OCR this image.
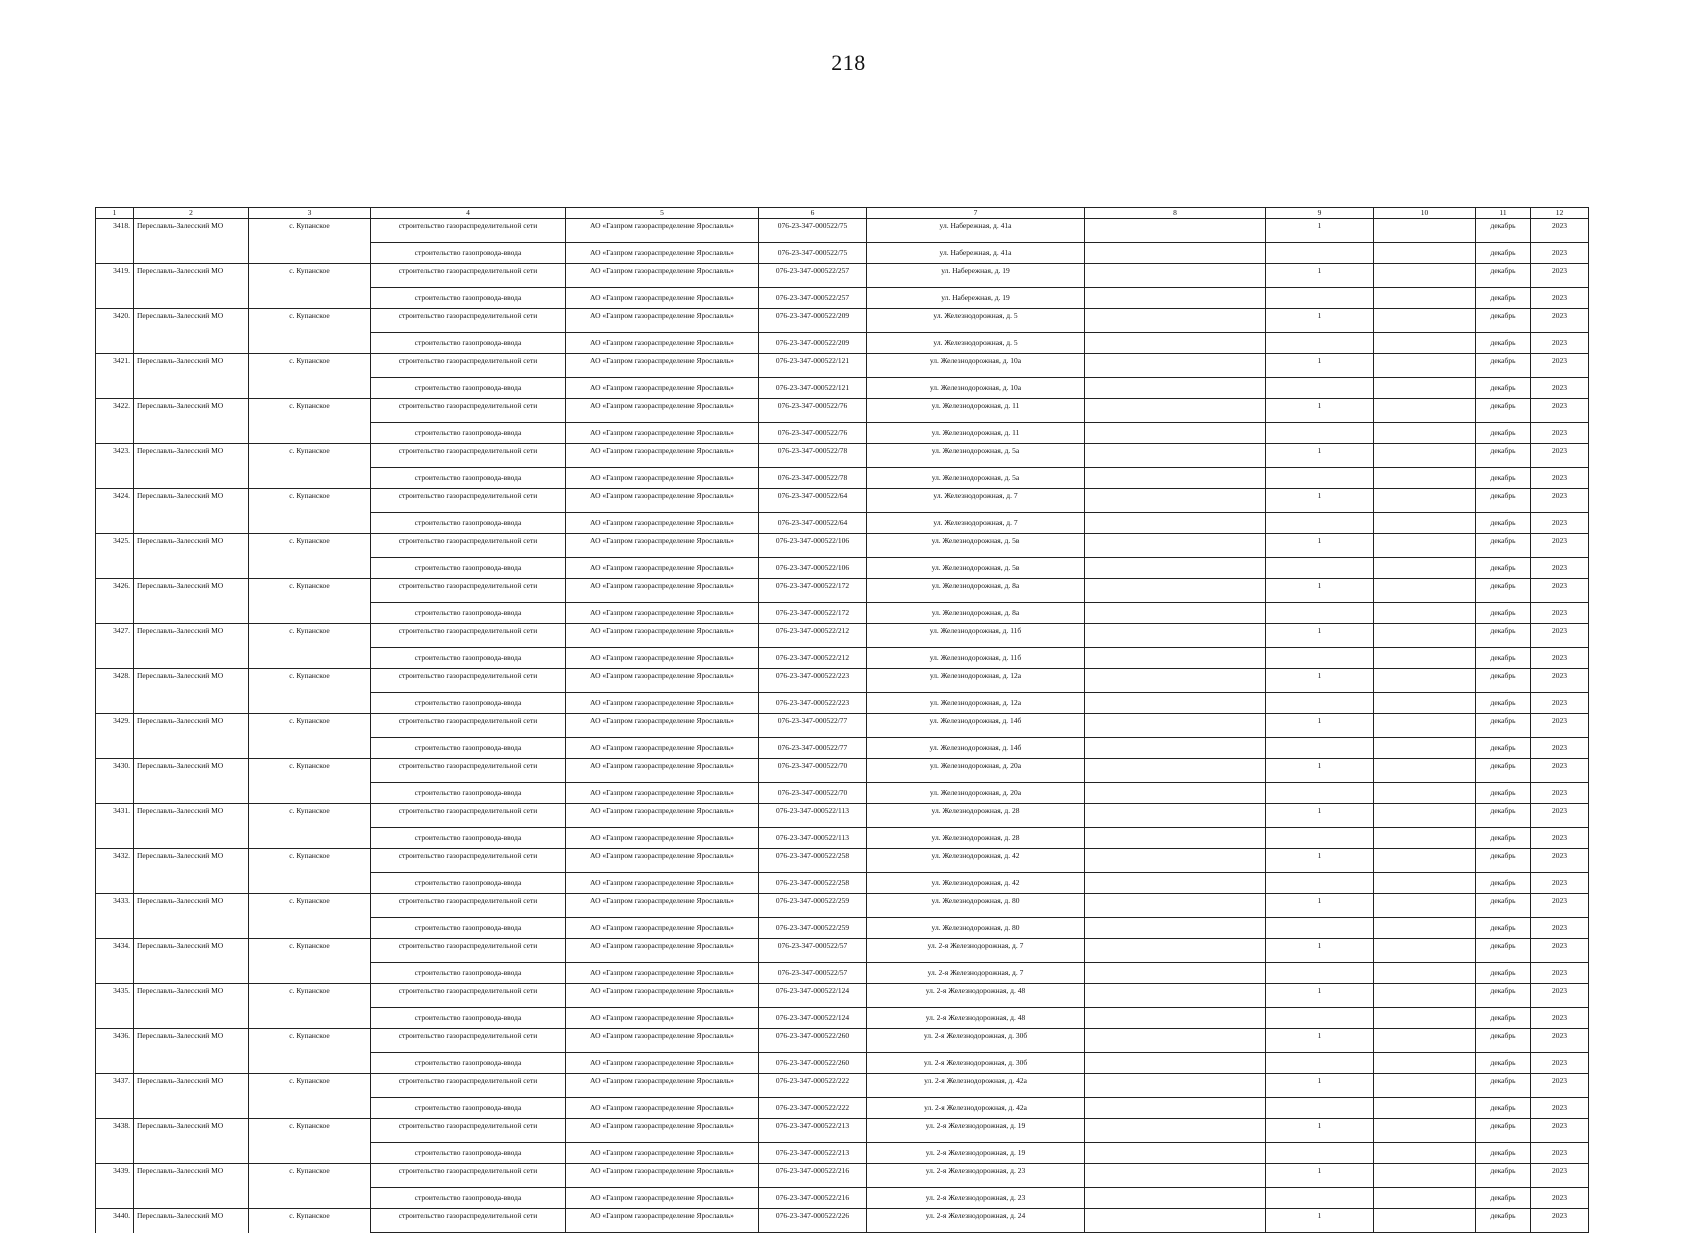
218
1	2	3	4	5	6	7	8	9	10	11	12
3418.	Переславль-Залесский МО	с. Купанское	строительство газораспределительной сети	АО «Газпром газораспределение Ярославль»	076-23-347-000522/75	ул. Набережная, д. 41а		1		декабрь	2023
			строительство газопровода-ввода	АО «Газпром газораспределение Ярославль»	076-23-347-000522/75	ул. Набережная, д. 41а				декабрь	2023
3419.	Переславль-Залесский МО	с. Купанское	строительство газораспределительной сети	АО «Газпром газораспределение Ярославль»	076-23-347-000522/257	ул. Набережная, д. 19		1		декабрь	2023
			строительство газопровода-ввода	АО «Газпром газораспределение Ярославль»	076-23-347-000522/257	ул. Набережная, д. 19				декабрь	2023
3420.	Переславль-Залесский МО	с. Купанское	строительство газораспределительной сети	АО «Газпром газораспределение Ярославль»	076-23-347-000522/209	ул. Железнодорожная, д. 5		1		декабрь	2023
			строительство газопровода-ввода	АО «Газпром газораспределение Ярославль»	076-23-347-000522/209	ул. Железнодорожная, д. 5				декабрь	2023
3421.	Переславль-Залесский МО	с. Купанское	строительство газораспределительной сети	АО «Газпром газораспределение Ярославль»	076-23-347-000522/121	ул. Железнодорожная, д. 10а		1		декабрь	2023
			строительство газопровода-ввода	АО «Газпром газораспределение Ярославль»	076-23-347-000522/121	ул. Железнодорожная, д. 10а				декабрь	2023
3422.	Переславль-Залесский МО	с. Купанское	строительство газораспределительной сети	АО «Газпром газораспределение Ярославль»	076-23-347-000522/76	ул. Железнодорожная, д. 11		1		декабрь	2023
			строительство газопровода-ввода	АО «Газпром газораспределение Ярославль»	076-23-347-000522/76	ул. Железнодорожная, д. 11				декабрь	2023
3423.	Переславль-Залесский МО	с. Купанское	строительство газораспределительной сети	АО «Газпром газораспределение Ярославль»	076-23-347-000522/78	ул. Железнодорожная, д. 5а		1		декабрь	2023
			строительство газопровода-ввода	АО «Газпром газораспределение Ярославль»	076-23-347-000522/78	ул. Железнодорожная, д. 5а				декабрь	2023
3424.	Переславль-Залесский МО	с. Купанское	строительство газораспределительной сети	АО «Газпром газораспределение Ярославль»	076-23-347-000522/64	ул. Железнодорожная, д. 7		1		декабрь	2023
			строительство газопровода-ввода	АО «Газпром газораспределение Ярославль»	076-23-347-000522/64	ул. Железнодорожная, д. 7				декабрь	2023
3425.	Переславль-Залесский МО	с. Купанское	строительство газораспределительной сети	АО «Газпром газораспределение Ярославль»	076-23-347-000522/106	ул. Железнодорожная, д. 5в		1		декабрь	2023
			строительство газопровода-ввода	АО «Газпром газораспределение Ярославль»	076-23-347-000522/106	ул. Железнодорожная, д. 5в				декабрь	2023
3426.	Переславль-Залесский МО	с. Купанское	строительство газораспределительной сети	АО «Газпром газораспределение Ярославль»	076-23-347-000522/172	ул. Железнодорожная, д. 8а		1		декабрь	2023
			строительство газопровода-ввода	АО «Газпром газораспределение Ярославль»	076-23-347-000522/172	ул. Железнодорожная, д. 8а				декабрь	2023
3427.	Переславль-Залесский МО	с. Купанское	строительство газораспределительной сети	АО «Газпром газораспределение Ярославль»	076-23-347-000522/212	ул. Железнодорожная, д. 11б		1		декабрь	2023
			строительство газопровода-ввода	АО «Газпром газораспределение Ярославль»	076-23-347-000522/212	ул. Железнодорожная, д. 11б				декабрь	2023
3428.	Переславль-Залесский МО	с. Купанское	строительство газораспределительной сети	АО «Газпром газораспределение Ярославль»	076-23-347-000522/223	ул. Железнодорожная, д. 12а		1		декабрь	2023
			строительство газопровода-ввода	АО «Газпром газораспределение Ярославль»	076-23-347-000522/223	ул. Железнодорожная, д. 12а				декабрь	2023
3429.	Переславль-Залесский МО	с. Купанское	строительство газораспределительной сети	АО «Газпром газораспределение Ярославль»	076-23-347-000522/77	ул. Железнодорожная, д. 14б		1		декабрь	2023
			строительство газопровода-ввода	АО «Газпром газораспределение Ярославль»	076-23-347-000522/77	ул. Железнодорожная, д. 14б				декабрь	2023
3430.	Переславль-Залесский МО	с. Купанское	строительство газораспределительной сети	АО «Газпром газораспределение Ярославль»	076-23-347-000522/70	ул. Железнодорожная, д. 20а		1		декабрь	2023
			строительство газопровода-ввода	АО «Газпром газораспределение Ярославль»	076-23-347-000522/70	ул. Железнодорожная, д. 20а				декабрь	2023
3431.	Переславль-Залесский МО	с. Купанское	строительство газораспределительной сети	АО «Газпром газораспределение Ярославль»	076-23-347-000522/113	ул. Железнодорожная, д. 28		1		декабрь	2023
			строительство газопровода-ввода	АО «Газпром газораспределение Ярославль»	076-23-347-000522/113	ул. Железнодорожная, д. 28				декабрь	2023
3432.	Переславль-Залесский МО	с. Купанское	строительство газораспределительной сети	АО «Газпром газораспределение Ярославль»	076-23-347-000522/258	ул. Железнодорожная, д. 42		1		декабрь	2023
			строительство газопровода-ввода	АО «Газпром газораспределение Ярославль»	076-23-347-000522/258	ул. Железнодорожная, д. 42				декабрь	2023
3433.	Переславль-Залесский МО	с. Купанское	строительство газораспределительной сети	АО «Газпром газораспределение Ярославль»	076-23-347-000522/259	ул. Железнодорожная, д. 80		1		декабрь	2023
			строительство газопровода-ввода	АО «Газпром газораспределение Ярославль»	076-23-347-000522/259	ул. Железнодорожная, д. 80				декабрь	2023
3434.	Переславль-Залесский МО	с. Купанское	строительство газораспределительной сети	АО «Газпром газораспределение Ярославль»	076-23-347-000522/57	ул. 2-я Железнодорожная, д. 7		1		декабрь	2023
			строительство газопровода-ввода	АО «Газпром газораспределение Ярославль»	076-23-347-000522/57	ул. 2-я Железнодорожная, д. 7				декабрь	2023
3435.	Переславль-Залесский МО	с. Купанское	строительство газораспределительной сети	АО «Газпром газораспределение Ярославль»	076-23-347-000522/124	ул. 2-я Железнодорожная, д. 48		1		декабрь	2023
			строительство газопровода-ввода	АО «Газпром газораспределение Ярославль»	076-23-347-000522/124	ул. 2-я Железнодорожная, д. 48				декабрь	2023
3436.	Переславль-Залесский МО	с. Купанское	строительство газораспределительной сети	АО «Газпром газораспределение Ярославль»	076-23-347-000522/260	ул. 2-я Железнодорожная, д. 30б		1		декабрь	2023
			строительство газопровода-ввода	АО «Газпром газораспределение Ярославль»	076-23-347-000522/260	ул. 2-я Железнодорожная, д. 30б				декабрь	2023
3437.	Переславль-Залесский МО	с. Купанское	строительство газораспределительной сети	АО «Газпром газораспределение Ярославль»	076-23-347-000522/222	ул. 2-я Железнодорожная, д. 42а		1		декабрь	2023
			строительство газопровода-ввода	АО «Газпром газораспределение Ярославль»	076-23-347-000522/222	ул. 2-я Железнодорожная, д. 42а				декабрь	2023
3438.	Переславль-Залесский МО	с. Купанское	строительство газораспределительной сети	АО «Газпром газораспределение Ярославль»	076-23-347-000522/213	ул. 2-я Железнодорожная, д. 19		1		декабрь	2023
			строительство газопровода-ввода	АО «Газпром газораспределение Ярославль»	076-23-347-000522/213	ул. 2-я Железнодорожная, д. 19				декабрь	2023
3439.	Переславль-Залесский МО	с. Купанское	строительство газораспределительной сети	АО «Газпром газораспределение Ярославль»	076-23-347-000522/216	ул. 2-я Железнодорожная, д. 23		1		декабрь	2023
			строительство газопровода-ввода	АО «Газпром газораспределение Ярославль»	076-23-347-000522/216	ул. 2-я Железнодорожная, д. 23				декабрь	2023
3440.	Переславль-Залесский МО	с. Купанское	строительство газораспределительной сети	АО «Газпром газораспределение Ярославль»	076-23-347-000522/226	ул. 2-я Железнодорожная, д. 24		1		декабрь	2023
